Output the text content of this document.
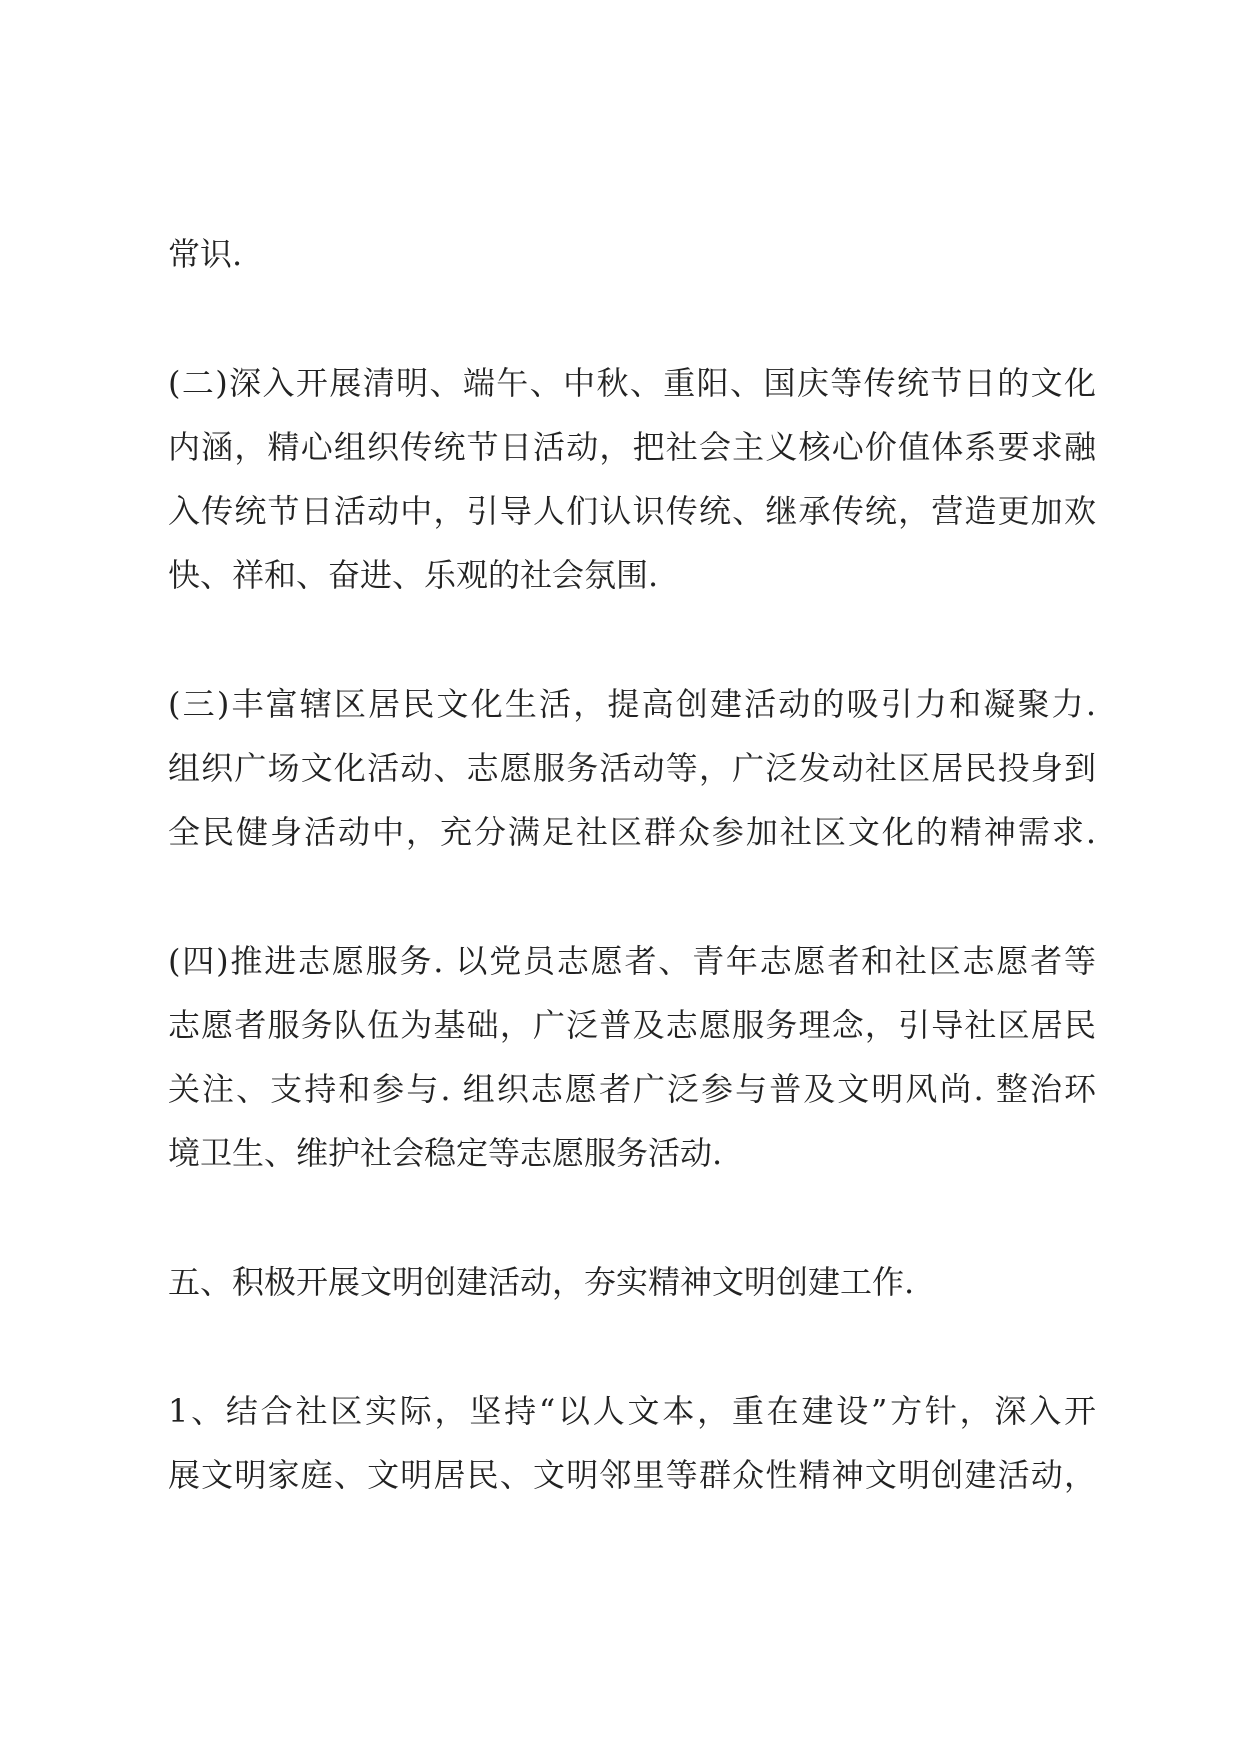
常识.
(二)深入开展清明、端午、中秋、重阳、国庆等传统节日的文化
内涵，精心组织传统节日活动，把社会主义核心价值体系要求融
入传统节日活动中，引导人们认识传统、继承传统，营造更加欢
快、祥和、奋进、乐观的社会氛围.
(三)丰富辖区居民文化生活，提高创建活动的吸引力和凝聚力.
组织广场文化活动、志愿服务活动等，广泛发动社区居民投身到
全民健身活动中，充分满足社区群众参加社区文化的精神需求.
(四)推进志愿服务. 以党员志愿者、青年志愿者和社区志愿者等
志愿者服务队伍为基础，广泛普及志愿服务理念，引导社区居民
关注、支持和参与. 组织志愿者广泛参与普及文明风尚. 整治环
境卫生、维护社会稳定等志愿服务活动.
五、积极开展文明创建活动，夯实精神文明创建工作.
1、结合社区实际，坚持“以人文本，重在建设”方针，深入开
展文明家庭、文明居民、文明邻里等群众性精神文明创建活动，
